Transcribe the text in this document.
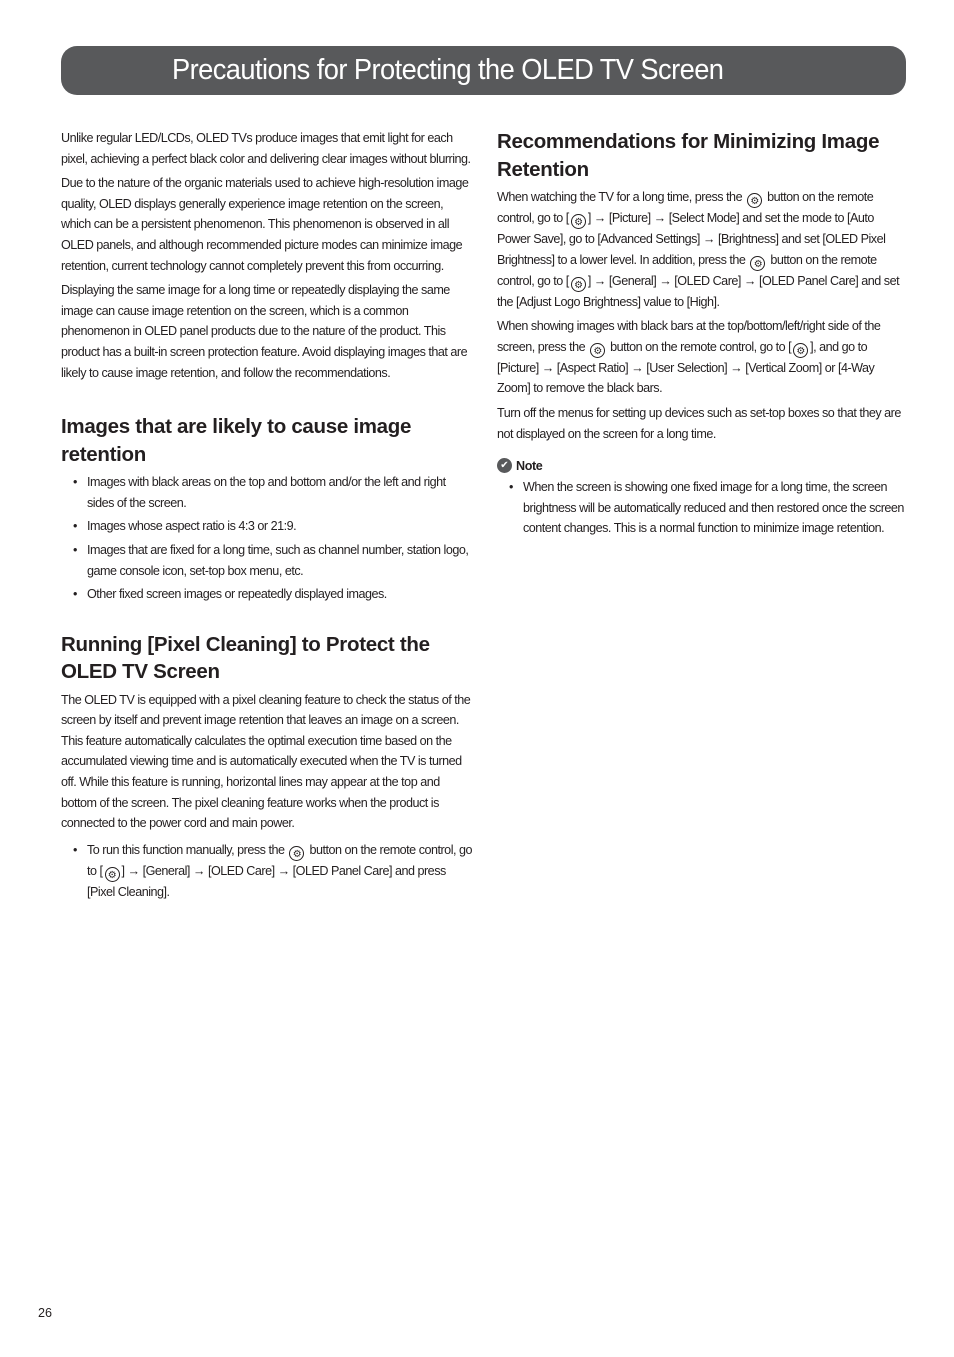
Precautions for Protecting the OLED TV Screen

Unlike regular LED/LCDs, OLED TVs produce images that emit light for each pixel, achieving a perfect black color and delivering clear images without blurring.

Due to the nature of the organic materials used to achieve high-resolution image quality, OLED displays generally experience image retention on the screen, which can be a persistent phenomenon. This phenomenon is observed in all OLED panels, and although recommended picture modes can minimize image retention, current technology cannot completely prevent this from occurring.

Displaying the same image for a long time or repeatedly displaying the same image can cause image retention on the screen, which is a common phenomenon in OLED panel products due to the nature of the product. This product has a built-in screen protection feature. Avoid displaying images that are likely to cause image retention, and follow the recommendations.

Images that are likely to cause image retention
• Images with black areas on the top and bottom and/or the left and right sides of the screen.
• Images whose aspect ratio is 4:3 or 21:9.
• Images that are fixed for a long time, such as channel number, station logo, game console icon, set-top box menu, etc.
• Other fixed screen images or repeatedly displayed images.
Running [Pixel Cleaning] to Protect the OLED TV Screen

The OLED TV is equipped with a pixel cleaning feature to check the status of the screen by itself and prevent image retention that leaves an image on a screen. This feature automatically calculates the optimal execution time based on the accumulated viewing time and is automatically executed when the TV is turned off. While this feature is running, horizontal lines may appear at the top and bottom of the screen. The pixel cleaning feature works when the product is connected to the power cord and main power.

• To run this function manually, press the ⚙ button on the remote control, go to [ ⚙ ] → [General] → [OLED Care] → [OLED Panel Care] and press [Pixel Cleaning].
Recommendations for Minimizing Image Retention

When watching the TV for a long time, press the ⚙ button on the remote control, go to [ ⚙ ] → [Picture] → [Select Mode] and set the mode to [Auto Power Save], go to [Advanced Settings] → [Brightness] and set [OLED Pixel Brightness] to a lower level. In addition, press the ⚙ button on the remote control, go to [ ⚙ ] → [General] → [OLED Care] → [OLED Panel Care] and set the [Adjust Logo Brightness] value to [High].

When showing images with black bars at the top/bottom/left/right side of the screen, press the ⚙ button on the remote control, go to [ ⚙ ], and go to [Picture] → [Aspect Ratio] → [User Selection] → [Vertical Zoom] or [4-Way Zoom] to remove the black bars.

Turn off the menus for setting up devices such as set-top boxes so that they are not displayed on the screen for a long time.

✔ Note
• When the screen is showing one fixed image for a long time, the screen brightness will be automatically reduced and then restored once the screen content changes. This is a normal function to minimize image retention.
26
